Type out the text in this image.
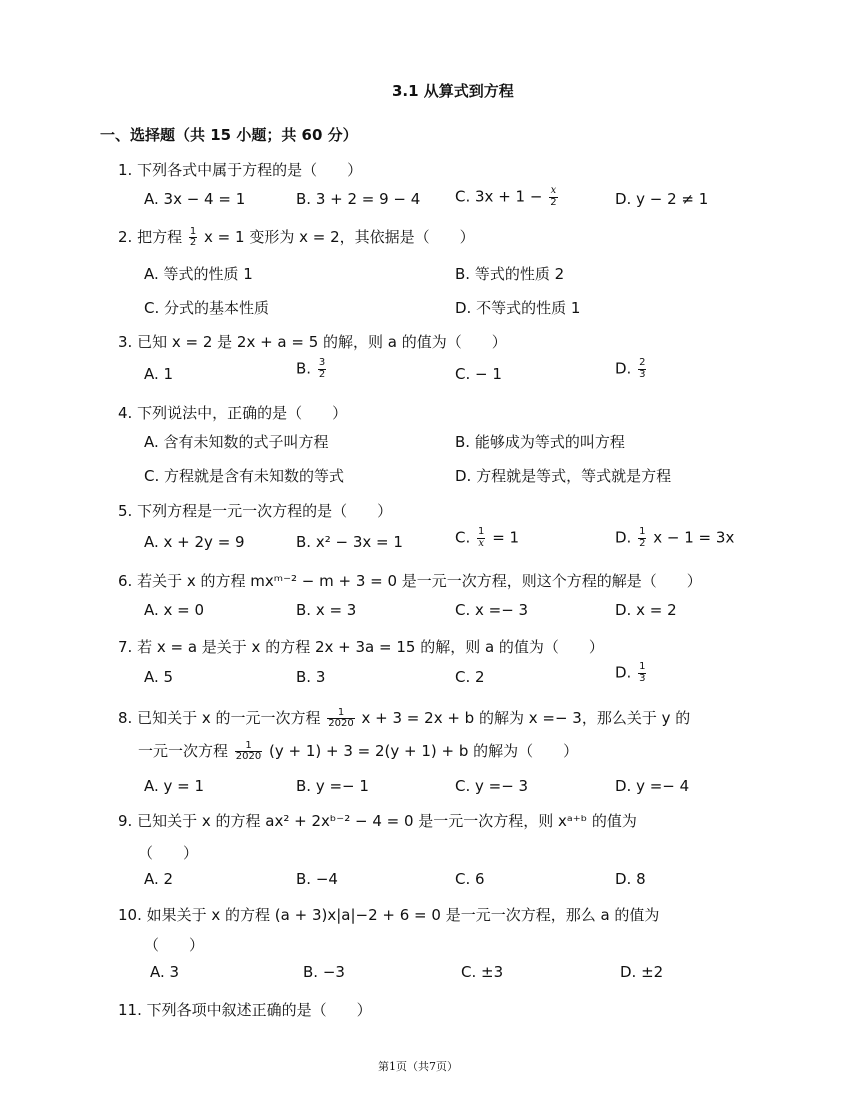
3.1 从算式到方程
一、选择题（共 15 小题；共 60 分）
1. 下列各式中属于方程的是（　　）
A. 3x − 4 = 1	B. 3 + 2 = 9 − 4 C. $3x + 1 - \frac{x}{2}$	D. y − 2 ≠ 1
2. 把方程 $\frac{1}{2}$ x = 1 变形为 x = 2，其依据是（　　）
A. 等式的性质 1	B. 等式的性质 2
C. 分式的基本性质	D. 不等式的性质 1
3. 已知 x = 2 是 2x + a = 5 的解，则 a 的值为（　　）
A. 1	B. $\frac{3}{2}$	C. − 1	D. $\frac{2}{3}$
4. 下列说法中，正确的是（　　）
A. 含有未知数的式子叫方程	B. 能够成为等式的叫方程
C. 方程就是含有未知数的等式	D. 方程就是等式，等式就是方程
5. 下列方程是一元一次方程的是（　　）
A. x + 2y = 9	B. x² − 3x = 1	C. $\frac{1}{x} = 1$	D. $\frac{1}{2}$ x − 1 = 3x
6. 若关于 x 的方程 mxᵐ⁻² − m + 3 = 0 是一元一次方程，则这个方程的解是（　　）
A. x = 0	B. x = 3	C. x =− 3	D. x = 2
7. 若 x = a 是关于 x 的方程 2x + 3a = 15 的解，则 a 的值为（　　）
A. 5	B. 3	C. 2	D. $\frac{1}{3}$
8. 已知关于 x 的一元一次方程 $\frac{1}{2020}$ x + 3 = 2x + b 的解为 x =− 3，那么关于 y 的
一元一次方程 $\frac{1}{2020} (y + 1) + 3 = 2(y + 1) + b$ 的解为（　　）
A. y = 1	B. y =− 1	C. y =− 3	D. y =− 4
9. 已知关于 x 的方程 ax² + 2xᵇ⁻² − 4 = 0 是一元一次方程，则 xᵃ⁺ᵇ 的值为
（　　）
A. 2	B. −4	C. 6	D. 8
10. 如果关于 x 的方程 (a + 3)x|a|−2 + 6 = 0 是一元一次方程，那么 a 的值为
（　　）
A. 3	B. −3	C. ±3	D. ±2
11. 下列各项中叙述正确的是（　　）
第1页（共7页）
